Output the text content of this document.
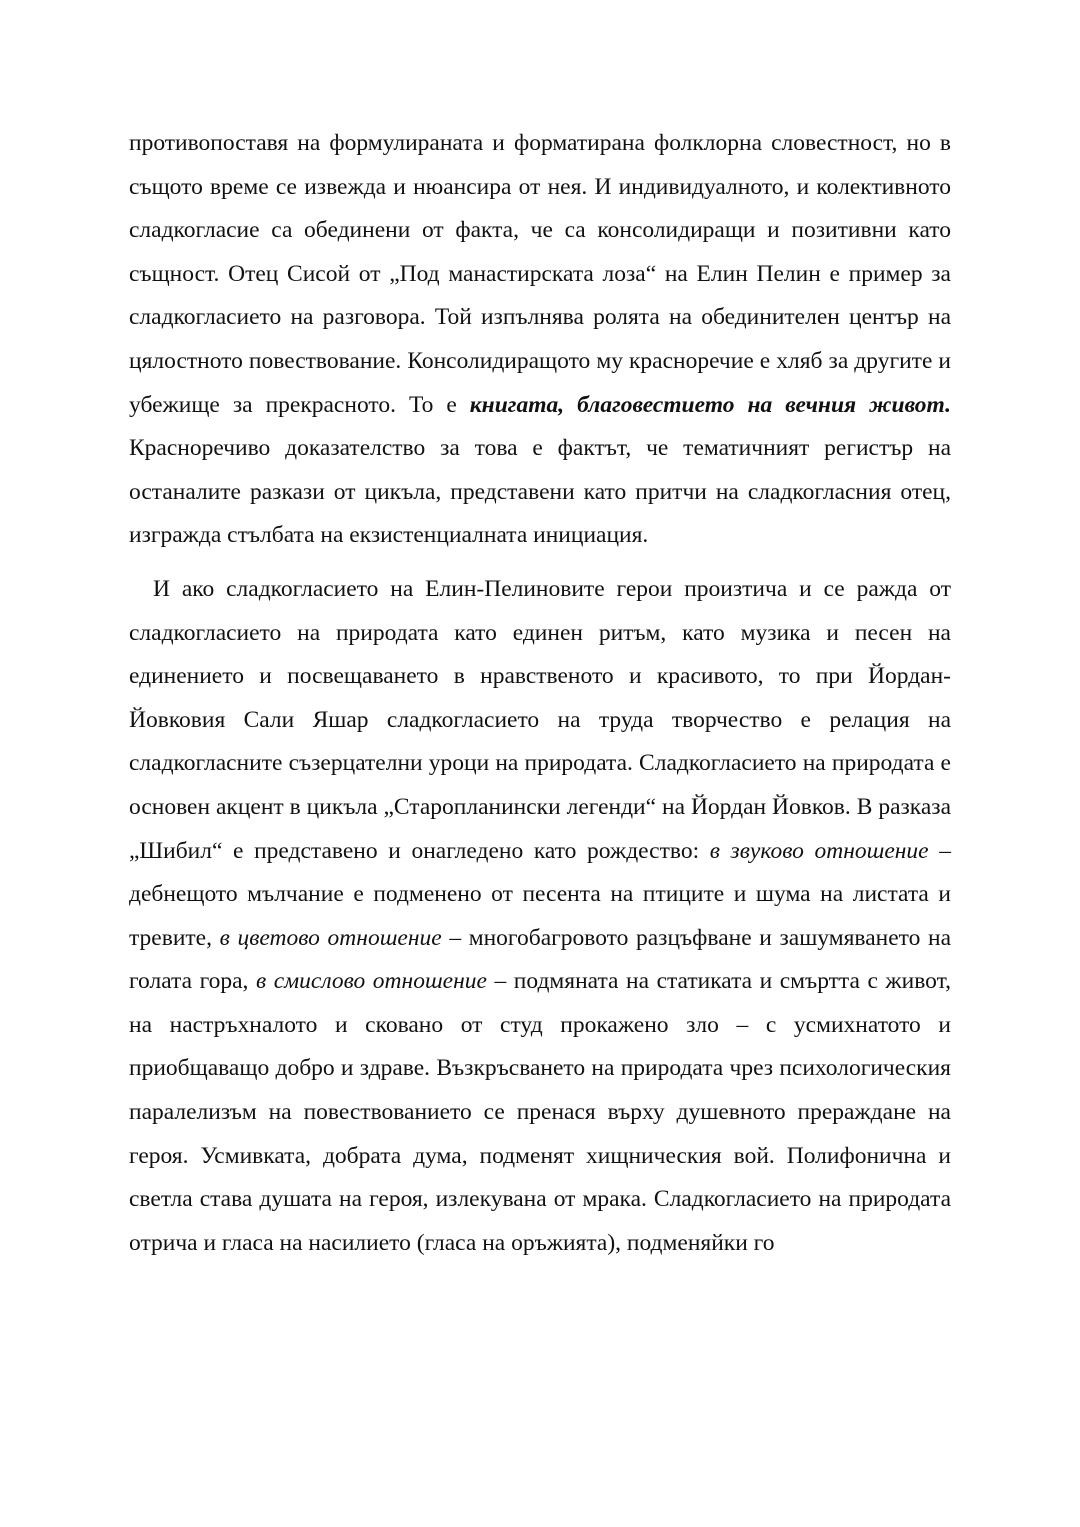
противопоставя на формулираната и форматирана фолклорна словестност, но в същото време се извежда и нюансира от нея. И индивидуалното, и колективното сладкогласие са обединени от факта, че са консолидиращи и позитивни като същност. Отец Сисой от „Под манастирската лоза“ на Елин Пелин е пример за сладкогласието на разговора. Той изпълнява ролята на обединителен център на цялостното повествование. Консолидиращото му красноречие е хляб за другите и убежище за прекрасното. То е книгата, благовестието на вечния живот. Красноречиво доказателство за това е фактът, че тематичният регистър на останалите разкази от цикъла, представени като притчи на сладкогласния отец, изгражда стълбата на екзистенциалната инициация.

И ако сладкогласието на Елин-Пелиновите герои произтича и се ражда от сладкогласието на природата като единен ритъм, като музика и песен на единението и посвещаването в нравственото и красивото, то при Йордан-Йовковия Сали Яшар сладкогласието на труда творчество е релация на сладкогласните съзерцателни уроци на природата. Сладкогласието на природата е основен акцент в цикъла „Старопланински легенди“ на Йордан Йовков. В разказа „Шибил“ е представено и онагледено като рождество: в звуково отношение – дебнещото мълчание е подменено от песента на птиците и шума на листата и тревите, в цветово отношение – многобагровото разцъфване и зашумяването на голата гора, в смислово отношение – подмяната на статиката и смъртта с живот, на настръхналото и сковано от студ прокажено зло – с усмихнатото и приобщаващо добро и здраве. Възкръсването на природата чрез психологическия паралелизъм на повествованието се пренася върху душевното прераждане на героя. Усмивката, добрата дума, подменят хищническия вой. Полифонична и светла става душата на героя, излекувана от мрака. Сладкогласието на природата отрича и гласа на насилието (гласа на оръжията), подменяйки го
